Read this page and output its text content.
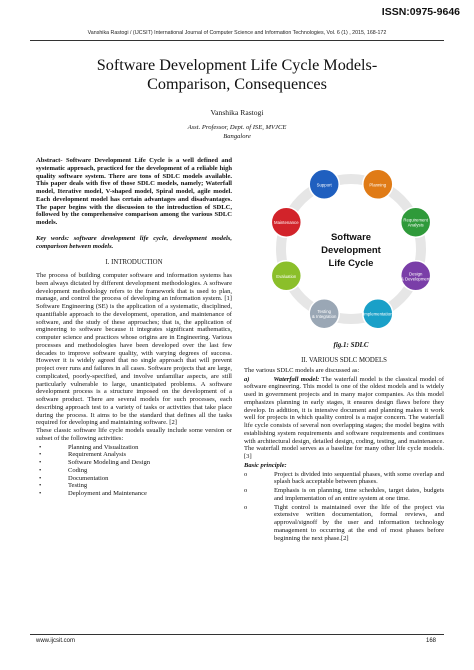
ISSN:0975-9646
Vanshika Rastogi / (IJCSIT) International Journal of Computer Science and Information Technologies, Vol. 6 (1) , 2015, 168-172
Software Development Life Cycle Models-
Comparison, Consequences
Vanshika Rastogi
Asst. Professor, Dept. of ISE, MVJCE
Bangalore

Abstract- Software Development Life Cycle is a well defined and systematic approach, practiced for the development of a reliable high quality software system. There are tons of SDLC models available. This paper deals with five of those SDLC models, namely; Waterfall model, Iterative model, V-shaped model, Spiral model, agile model. Each development model has certain advantages and disadvantages. The paper begins with the discussion to the introduction of SDLC, followed by the comprehensive comparison among the various SDLC models.

Key words: software development life cycle, development models, comparison between models.

I. INTRODUCTION

The process of building computer software and information systems has been always dictated by different development methodologies. A software development methodology refers to the framework that is used to plan, manage, and control the process of developing an information system. [1] Software Engineering (SE) is the application of a systematic, disciplined, quantifiable approach to the development, operation, and maintenance of software, and the study of these approaches; that is, the application of engineering to software because it integrates significant mathematics, computer science and practices whose origins are in Engineering. Various processes and methodologies have been developed over the last few decades to improve software quality, with varying degrees of success. However it is widely agreed that no single approach that will prevent project over runs and failures in all cases. Software projects that are large, complicated, poorly-specified, and involve unfamiliar aspects, are still particularly vulnerable to large, unanticipated problems. A software development process is a structure imposed on the development of a software product. There are several models for such processes, each describing approach test to a variety of tasks or activities that take place during the process. It aims to be the standard that defines all the tasks required for developing and maintaining software. [2]

These classic software life cycle models usually include some version or subset of the following activities:

• Planning and Visualization
• Requirement Analysis
• Software Modeling and Design
• Coding
• Documentation
• Testing
• Deployment and Maintenance
Support	Planning
Requirement
Analysis
Design
& Development
Implementation
Testing
& Integration
Evaluation
Maintenance
Software
Development
Life Cycle
fig.1: SDLC
II. VARIOUS SDLC MODELS

The various SDLC models are discussed as:

a)	Waterfall model: The waterfall model is the classical model of software engineering. This model is one of the oldest models and is widely used in government projects and in many major companies. As this model emphasizes planning in early stages, it ensures design flaws before they develop. In addition, it is intensive document and planning makes it work well for projects in which quality control is a major concern. The waterfall life cycle consists of several non overlapping stages; the model begins with establishing system requirements and software requirements and continues with architectural design, detailed design, coding, testing, and maintenance. The waterfall model serves as a baseline for many other life cycle models.[3]

Basic principle:
o	Project is divided into sequential phases, with some overlap and splash back acceptable between phases.
o	Emphasis is on planning, time schedules, target dates, budgets and implementation of an entire system at one time.
o	Tight control is maintained over the life of the project via extensive written documentation, formal reviews, and approval/signoff by the user and information technology management to occurring at the end of most phases before beginning the next phase.[2]
www.ijcsit.com	168
